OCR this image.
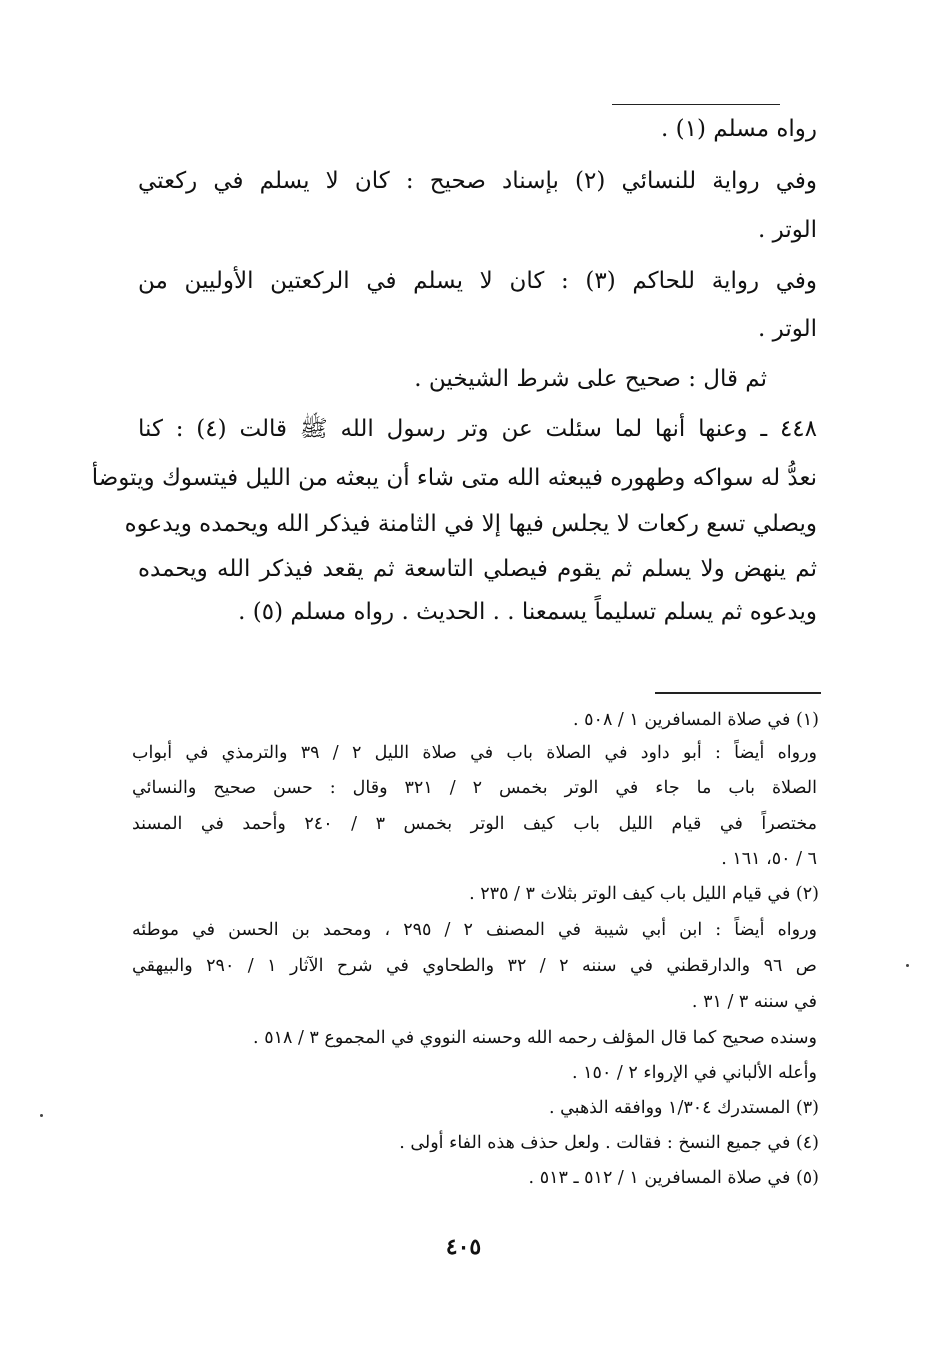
رواه مسلم (١) .
وفي رواية للنسائي (٢) بإسناد صحيح : كان لا يسلم في ركعتي
الوتر .
وفي رواية للحاكم (٣) : كان لا يسلم في الركعتين الأوليين من
الوتر .
ثم قال : صحيح على شرط الشيخين .
٤٤٨ ـ وعنها أنها لما سئلت عن وتر رسول الله ﷺ قالت (٤) : كنا
نعدُّ له سواكه وطهوره فيبعثه الله متى شاء أن يبعثه من الليل فيتسوك ويتوضأ
ويصلي تسع ركعات لا يجلس فيها إلا في الثامنة فيذكر الله ويحمده ويدعوه
ثم ينهض ولا يسلم ثم يقوم فيصلي التاسعة ثم يقعد فيذكر الله ويحمده
ويدعوه ثم يسلم تسليماً يسمعنا . . الحديث . رواه مسلم (٥) .
(١) في صلاة المسافرين ١ / ٥٠٨ .
ورواه أيضاً : أبو داود في الصلاة باب في صلاة الليل ٢ / ٣٩ والترمذي في أبواب
الصلاة باب ما جاء في الوتر بخمس ٢ / ٣٢١ وقال : حسن صحيح والنسائي
مختصراً في قيام الليل باب كيف الوتر بخمس ٣ / ٢٤٠ وأحمد في المسند
٦ / ٥٠، ١٦١ .
(٢) في قيام الليل باب كيف الوتر بثلاث ٣ / ٢٣٥ .
ورواه أيضاً : ابن أبي شيبة في المصنف ٢ / ٢٩٥ ، ومحمد بن الحسن في موطئه
ص ٩٦ والدارقطني في سننه ٢ / ٣٢ والطحاوي في شرح الآثار ١ / ٢٩٠ والبيهقي
في سننه ٣ / ٣١ .
وسنده صحيح كما قال المؤلف رحمه الله وحسنه النووي في المجموع ٣ / ٥١٨ .
وأعله الألباني في الإرواء ٢ / ١٥٠ .
(٣) المستدرك ١/٣٠٤ ووافقه الذهبي .
(٤) في جميع النسخ : فقالت . ولعل حذف هذه الفاء أولى .
(٥) في صلاة المسافرين ١ / ٥١٢ ـ ٥١٣ .
٤٠٥
